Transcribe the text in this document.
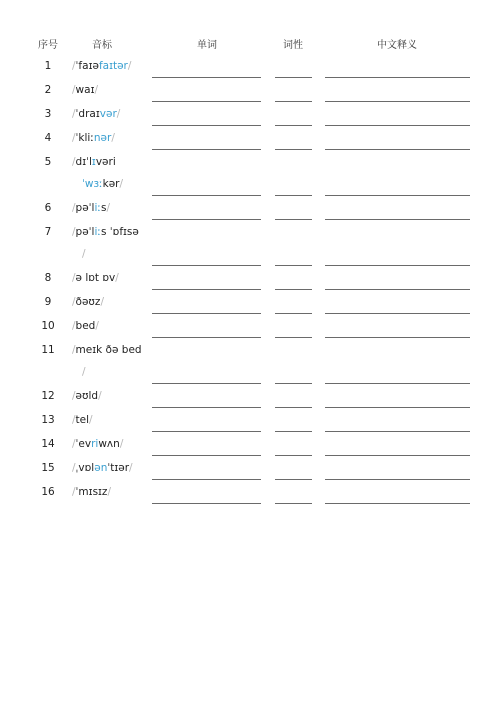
序号	音标	单词	词性	中文释义
1	/ˈfaɪəfaɪtər/
2	/waɪ/
3	/ˈdraɪvər/
4	/ˈkliːnər/
5	/dɪˈlɪvəri
ˈwɜːkər/
6	/pəˈliːs/
7	/pəˈliːs ˈɒfɪsə
/
8	/ə lɒt ɒv/
9	/ðəʊz/
10	/bed/
11	/meɪk ðə bed
/
12	/əʊld/
13	/tel/
14	/ˈevriwʌn/
15	/ˌvɒlənˈtɪər/
16	/ˈmɪsɪz/
